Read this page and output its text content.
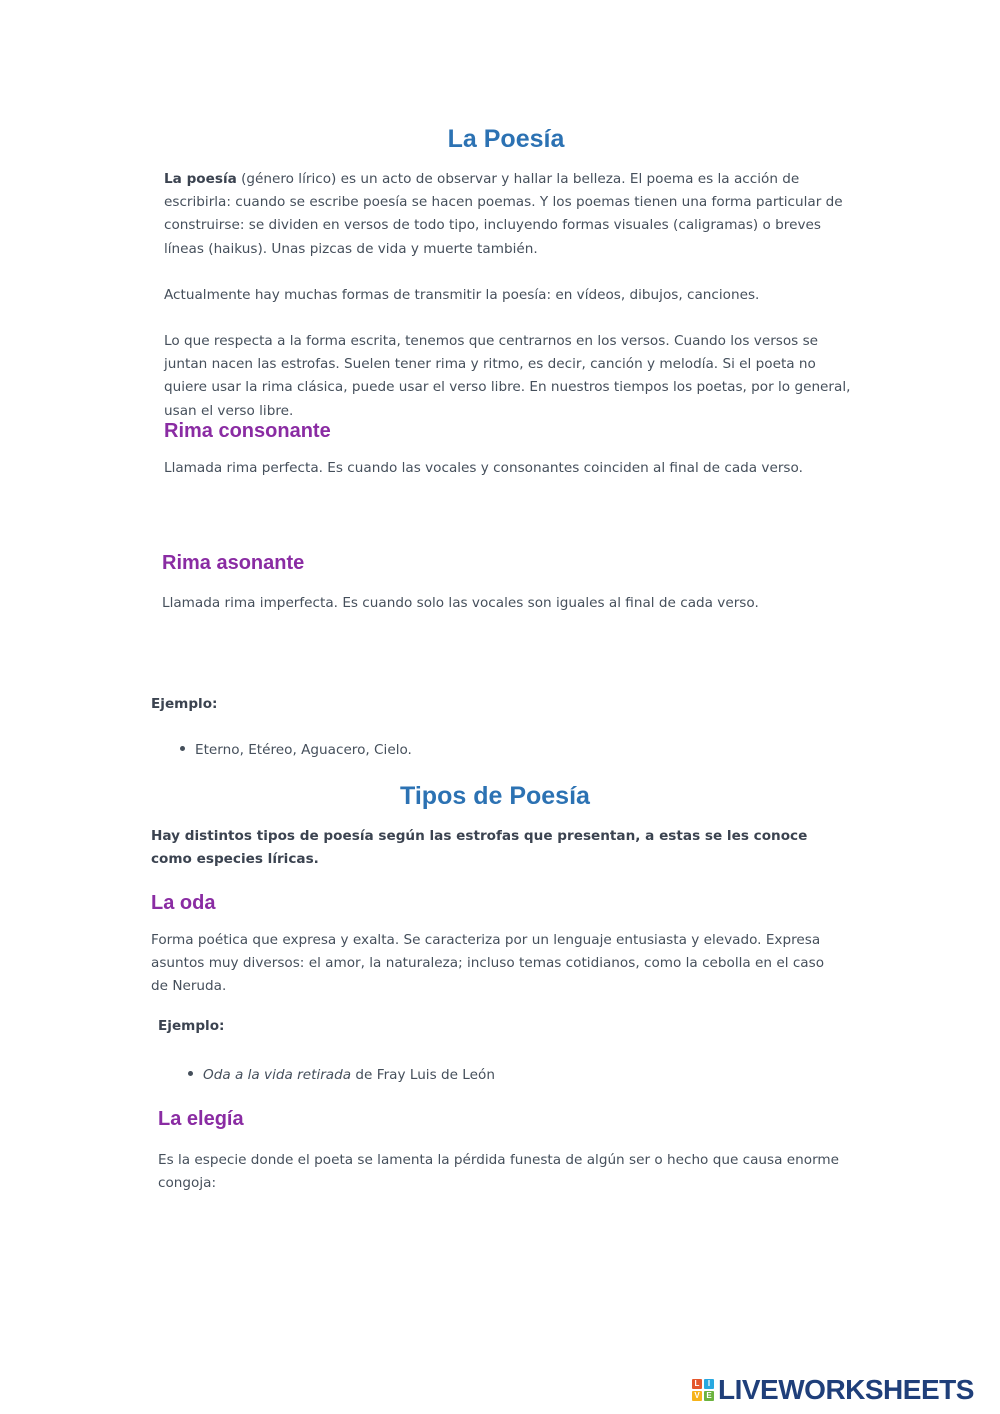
La Poesía

La poesía (género lírico) es un acto de observar y hallar la belleza. El poema es la acción de escribirla: cuando se escribe poesía se hacen poemas. Y los poemas tienen una forma particular de construirse: se dividen en versos de todo tipo, incluyendo formas visuales (caligramas) o breves líneas (haikus). Unas pizcas de vida y muerte también.

Actualmente hay muchas formas de transmitir la poesía: en vídeos, dibujos, canciones.

Lo que respecta a la forma escrita, tenemos que centrarnos en los versos. Cuando los versos se juntan nacen las estrofas. Suelen tener rima y ritmo, es decir, canción y melodía. Si el poeta no quiere usar la rima clásica, puede usar el verso libre. En nuestros tiempos los poetas, por lo general, usan el verso libre.

Rima consonante

Llamada rima perfecta. Es cuando las vocales y consonantes coinciden al final de cada verso.

Rima asonante

Llamada rima imperfecta. Es cuando solo las vocales son iguales al final de cada verso.

Ejemplo:
Eterno, Etéreo, Aguacero, Cielo.
Tipos de Poesía

Hay distintos tipos de poesía según las estrofas que presentan, a estas se les conoce como especies líricas.

La oda

Forma poética que expresa y exalta. Se caracteriza por un lenguaje entusiasta y elevado. Expresa asuntos muy diversos: el amor, la naturaleza; incluso temas cotidianos, como la cebolla en el caso de Neruda.

Ejemplo:
Oda a la vida retirada de Fray Luis de León
La elegía

Es la especie donde el poeta se lamenta la pérdida funesta de algún ser o hecho que causa enorme congoja:

L	I
V E LIVEWORKSHEETS
